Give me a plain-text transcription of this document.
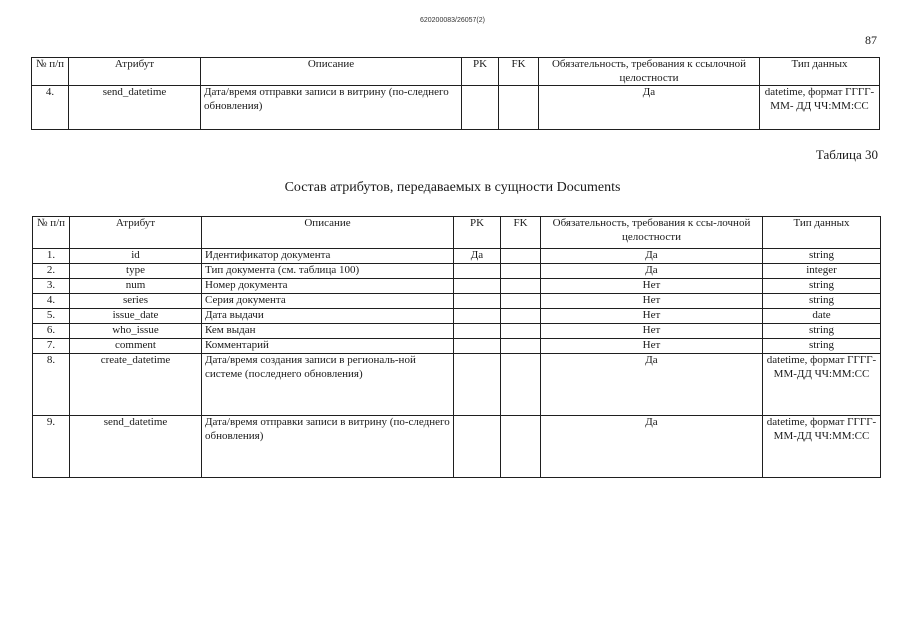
620200083/26057(2)
87
№ п/п	Атрибут	Описание	PK	FK	Обязательность, требования к ссылочной целостности	Тип данных
4.	send_datetime	Дата/время отправки записи в витрину (по-следнего обновления)			Да	datetime, формат ГГГГ-ММ- ДД ЧЧ:ММ:СС
Таблица 30
Состав атрибутов, передаваемых в сущности Documents
№ п/п	Атрибут	Описание	PK	FK	Обязательность, требования к ссы-лочной целостности	Тип данных
1.	id	Идентификатор документа	Да		Да	string
2.	type	Тип документа (см. таблица 100)			Да	integer
3.	num	Номер документа			Нет	string
4.	series	Серия документа			Нет	string
5.	issue_date	Дата выдачи			Нет	date
6.	who_issue	Кем выдан			Нет	string
7.	comment	Комментарий			Нет	string
8.	create_datetime	Дата/время создания записи в региональ-ной системе (последнего обновления)			Да	datetime, формат ГГГГ- ММ-ДД ЧЧ:ММ:СС
9.	send_datetime	Дата/время отправки записи в витрину (по-следнего обновления)			Да	datetime, формат ГГГГ- ММ-ДД ЧЧ:ММ:СС
